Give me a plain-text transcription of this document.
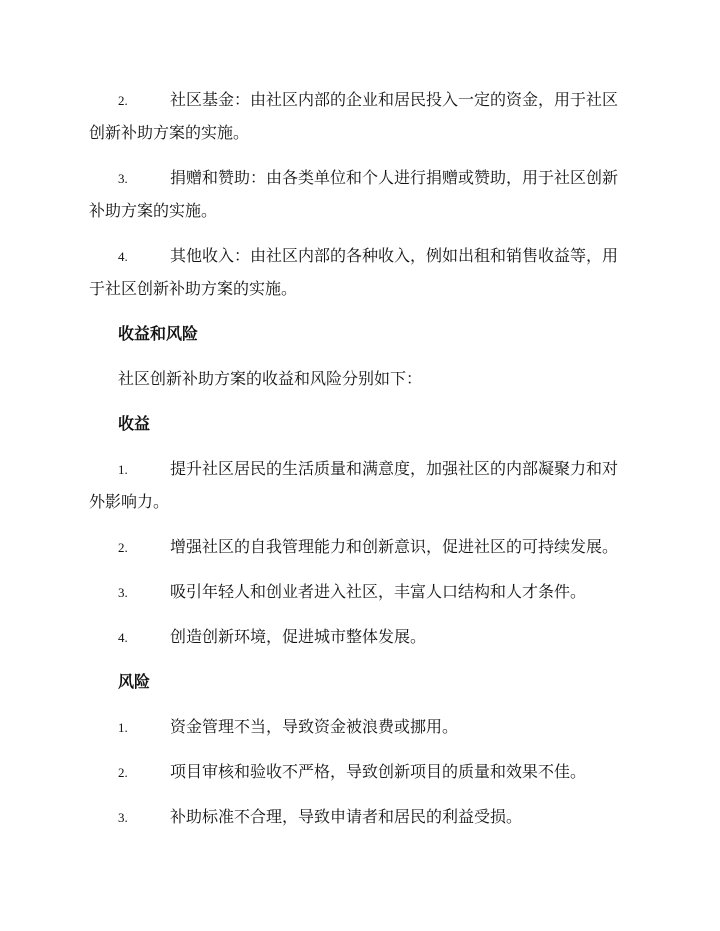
2.	社区基金：由社区内部的企业和居民投入一定的资金，用于社区创新补助方案的实施。
3.	捐赠和赞助：由各类单位和个人进行捐赠或赞助，用于社区创新补助方案的实施。
4.	其他收入：由社区内部的各种收入，例如出租和销售收益等，用于社区创新补助方案的实施。
收益和风险
社区创新补助方案的收益和风险分别如下：
收益
1.	提升社区居民的生活质量和满意度，加强社区的内部凝聚力和对外影响力。
2.	增强社区的自我管理能力和创新意识，促进社区的可持续发展。
3.	吸引年轻人和创业者进入社区，丰富人口结构和人才条件。
4.	创造创新环境，促进城市整体发展。
风险
1.	资金管理不当，导致资金被浪费或挪用。
2.	项目审核和验收不严格，导致创新项目的质量和效果不佳。
3.	补助标准不合理，导致申请者和居民的利益受损。
